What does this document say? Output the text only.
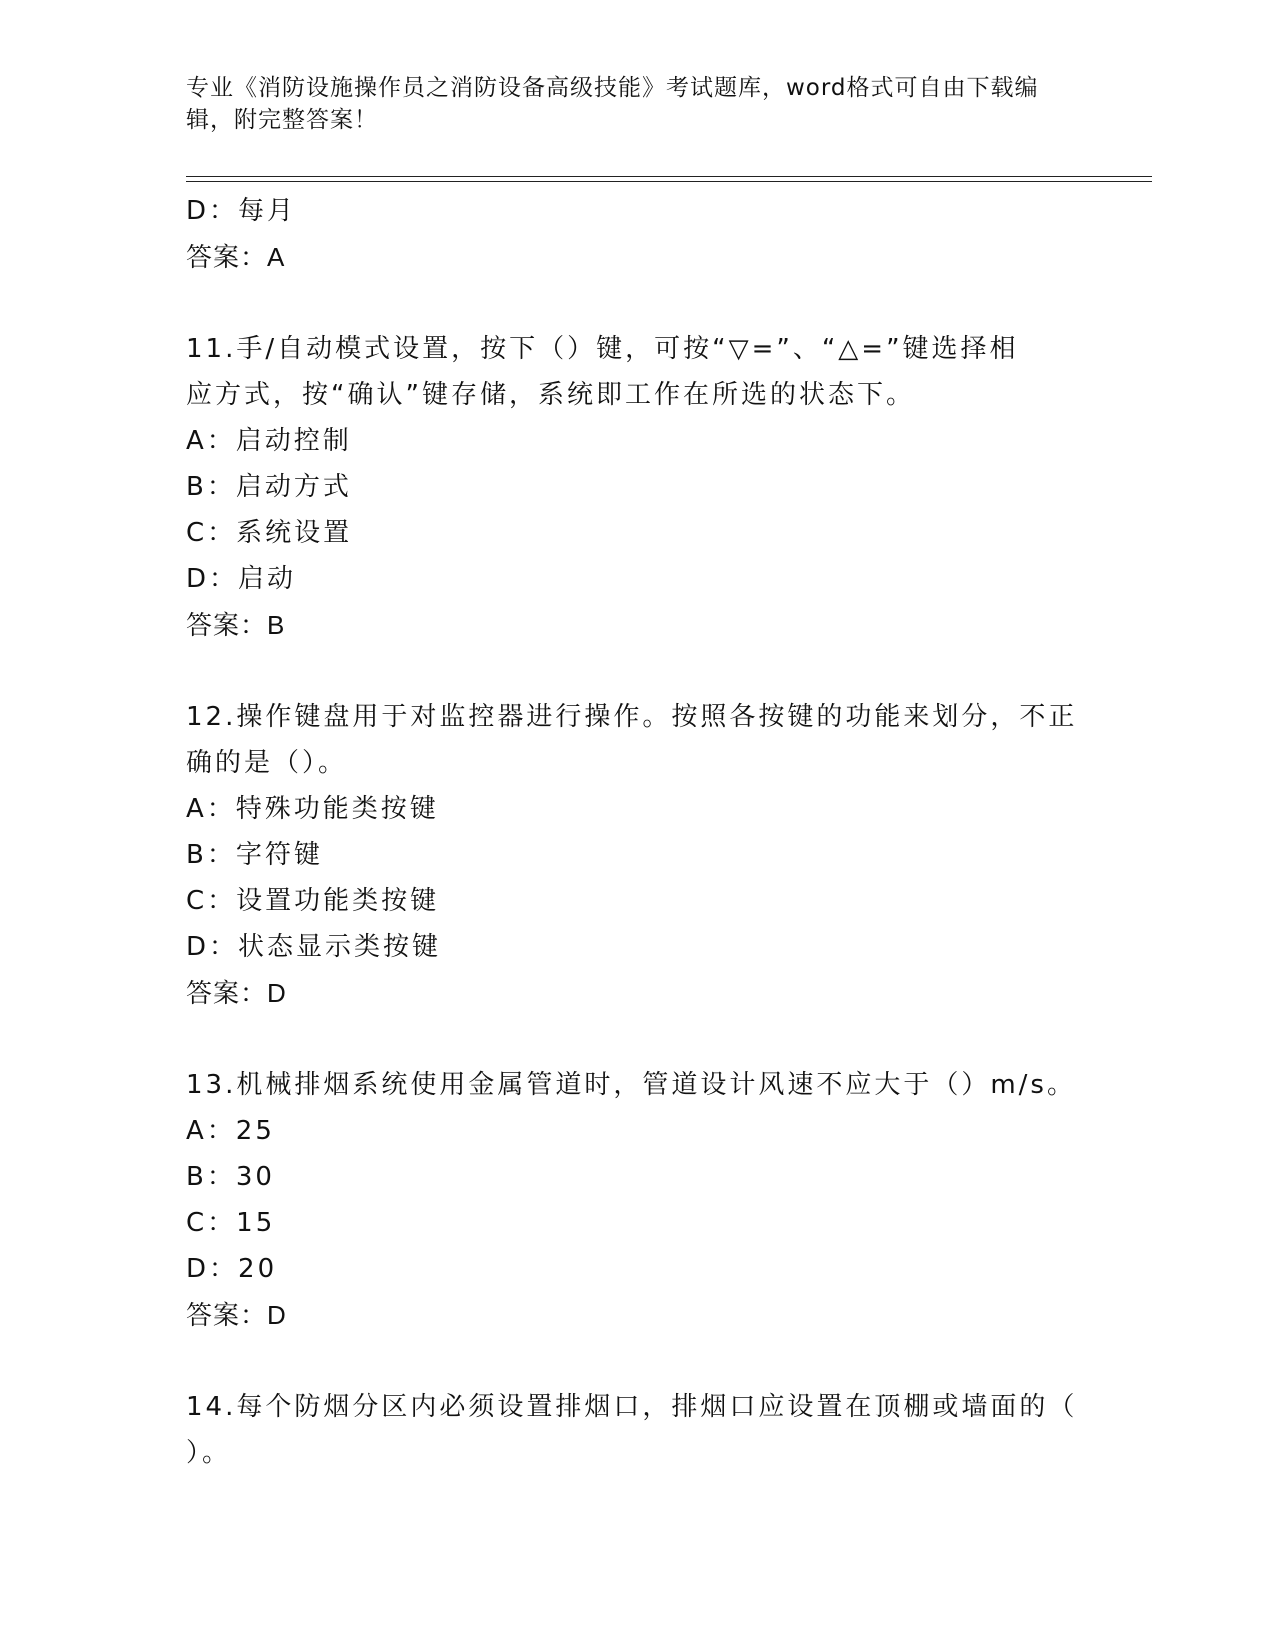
专业《消防设施操作员之消防设备高级技能》考试题库，word格式可自由下载编辑，附完整答案！
D：每月
答案：A
11.手/自动模式设置，按下（）键，可按“▽=”、“△=”键选择相
应方式，按“确认”键存储，系统即工作在所选的状态下。
A：启动控制
B：启动方式
C：系统设置
D：启动
答案：B
12.操作键盘用于对监控器进行操作。按照各按键的功能来划分，不正
确的是（）。
A：特殊功能类按键
B：字符键
C：设置功能类按键
D：状态显示类按键
答案：D
13.机械排烟系统使用金属管道时，管道设计风速不应大于（）m/s。
A：25
B：30
C：15
D：20
答案：D
14.每个防烟分区内必须设置排烟口，排烟口应设置在顶棚或墙面的（
）。
